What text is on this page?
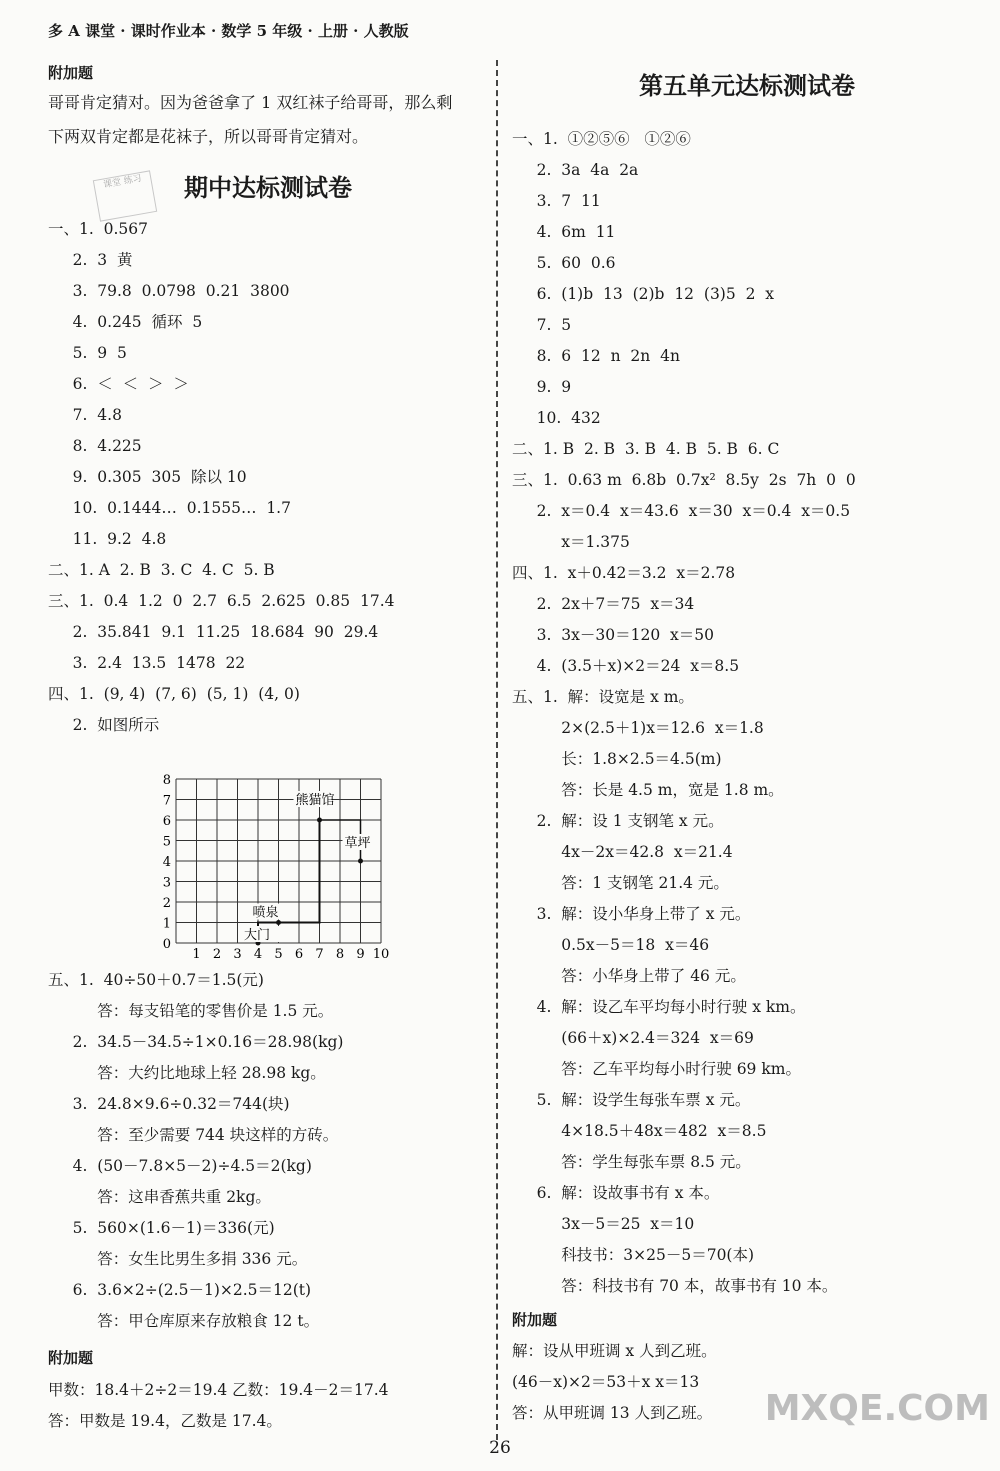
多 A 课堂 · 课时作业本 · 数学 5 年级 · 上册 · 人教版
课堂 练习
附加题
哥哥肯定猜对。因为爸爸拿了 1 双红袜子给哥哥，那么剩
下两双肯定都是花袜子，所以哥哥肯定猜对。
期中达标测试卷
一、1.  0.567
2.  3  黄
3.  79.8  0.0798  0.21  3800
4.  0.245  循环  5
5.  9  5
6.  ＜  ＜  ＞  ＞
7.  4.8
8.  4.225
9.  0.305  305  除以 10
10.  0.1444…  0.1555…  1.7
11.  9.2  4.8
二、1. A  2. B  3. C  4. C  5. B
三、1.  0.4  1.2  0  2.7  6.5  2.625  0.85  17.4
2.  35.841  9.1  11.25  18.684  90  29.4
3.  2.4  13.5  1478  22
四、1.  (9, 4)  (7, 6)  (5, 1)  (4, 0)
2.  如图所示
1 2 3 4 5 6 7 8 9 10
0
1
2
3
4
5
6
7
8
熊猫馆
草坪
喷泉
大门
五、1.  40÷50＋0.7＝1.5(元)
答：每支铅笔的零售价是 1.5 元。
2.  34.5－34.5÷1×0.16＝28.98(kg)
答：大约比地球上轻 28.98 kg。
3.  24.8×9.6÷0.32＝744(块)
答：至少需要 744 块这样的方砖。
4.  (50－7.8×5－2)÷4.5＝2(kg)
答：这串香蕉共重 2kg。
5.  560×(1.6－1)＝336(元)
答：女生比男生多捐 336 元。
6.  3.6×2÷(2.5－1)×2.5＝12(t)
答：甲仓库原来存放粮食 12 t。
附加题
甲数：18.4＋2÷2＝19.4 乙数：19.4－2＝17.4
答：甲数是 19.4，乙数是 17.4。
第五单元达标测试卷
一、1.  ①②⑤⑥   ①②⑥
2.  3a  4a  2a
3.  7  11
4.  6m  11
5.  60  0.6
6.  (1)b  13  (2)b  12  (3)5  2  x
7.  5
8.  6  12  n  2n  4n
9.  9
10.  432
二、1. B  2. B  3. B  4. B  5. B  6. C
三、1.  0.63 m  6.8b  0.7x²  8.5y  2s  7h  0  0
2.  x＝0.4  x＝43.6  x＝30  x＝0.4  x＝0.5
x＝1.375
四、1.  x＋0.42＝3.2  x＝2.78
2.  2x＋7＝75  x＝34
3.  3x－30＝120  x＝50
4.  (3.5＋x)×2＝24  x＝8.5
五、1.  解：设宽是 x m。
2×(2.5＋1)x＝12.6  x＝1.8
长：1.8×2.5＝4.5(m)
答：长是 4.5 m，宽是 1.8 m。
2.  解：设 1 支钢笔 x 元。
4x－2x＝42.8  x＝21.4
答：1 支钢笔 21.4 元。
3.  解：设小华身上带了 x 元。
0.5x－5＝18  x＝46
答：小华身上带了 46 元。
4.  解：设乙车平均每小时行驶 x km。
(66＋x)×2.4＝324  x＝69
答：乙车平均每小时行驶 69 km。
5.  解：设学生每张车票 x 元。
4×18.5＋48x＝482  x＝8.5
答：学生每张车票 8.5 元。
6.  解：设故事书有 x 本。
3x－5＝25  x＝10
科技书：3×25－5＝70(本)
答：科技书有 70 本，故事书有 10 本。
附加题
解：设从甲班调 x 人到乙班。
(46－x)×2＝53＋x x＝13
答：从甲班调 13 人到乙班。
26
MXQE.COM
